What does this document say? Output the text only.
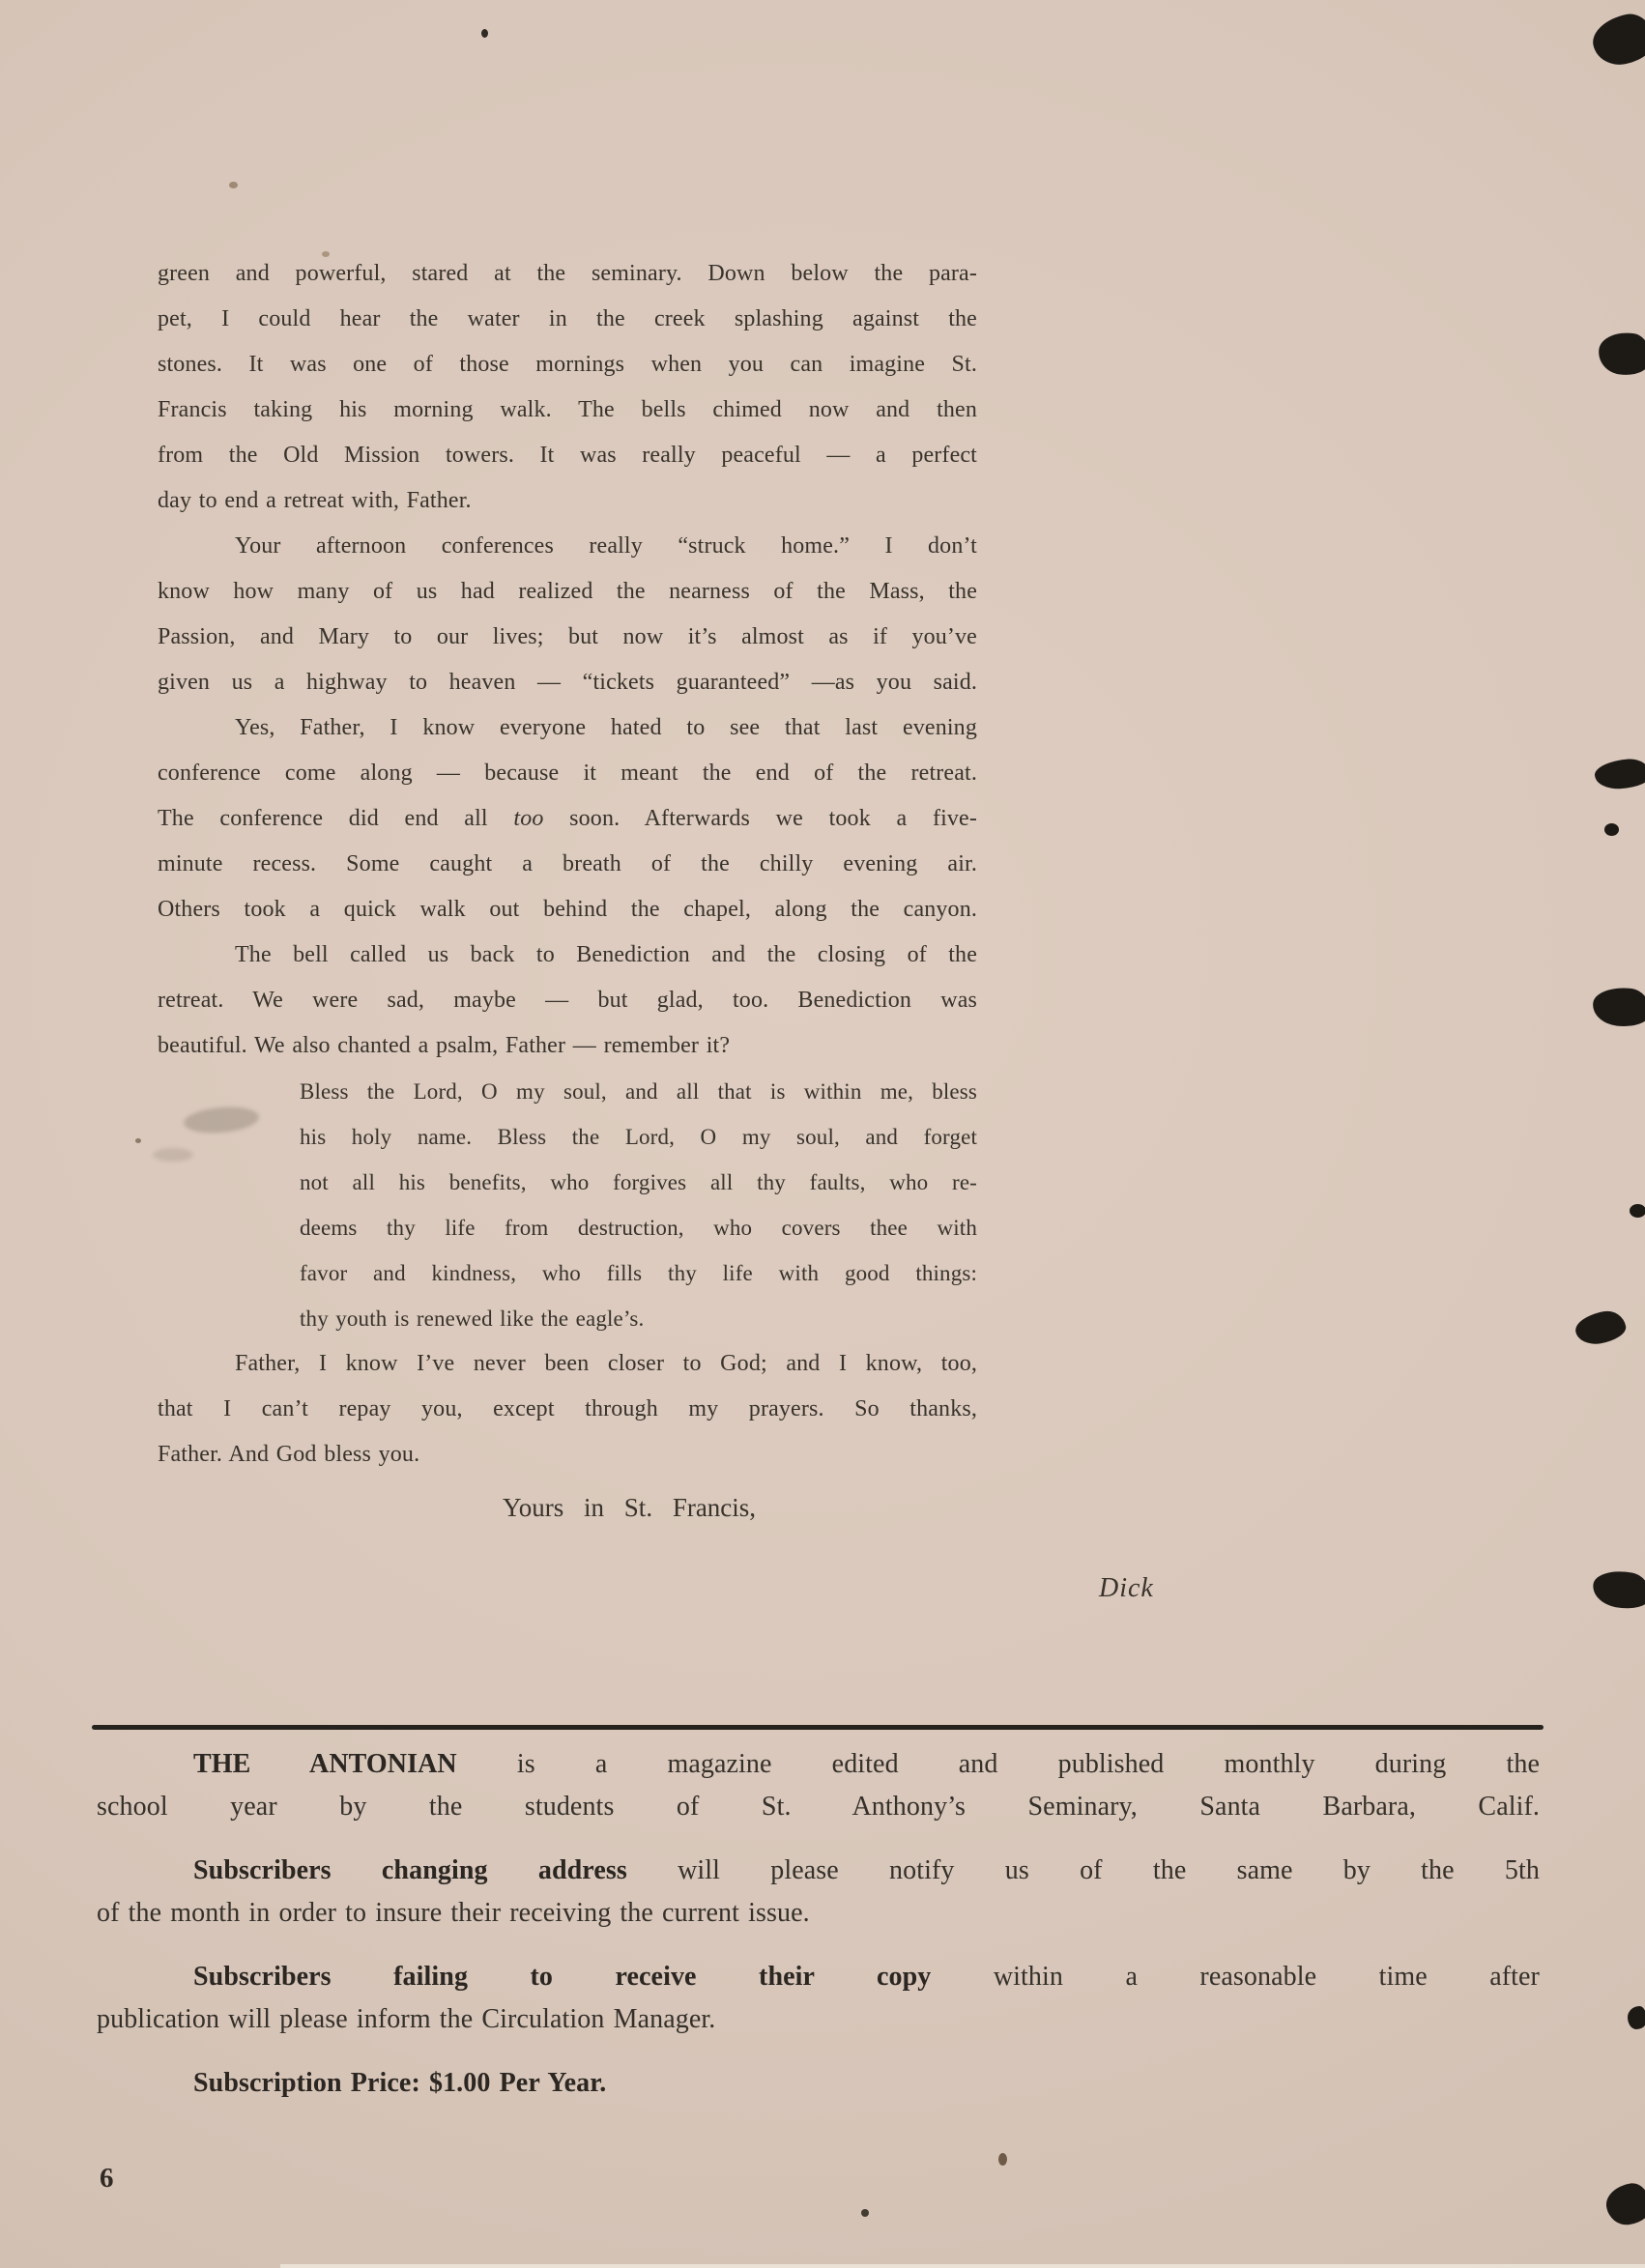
green and powerful, stared at the seminary. Down below the para-
pet, I could hear the water in the creek splashing against the
stones. It was one of those mornings when you can imagine St.
Francis taking his morning walk. The bells chimed now and then
from the Old Mission towers. It was really peaceful — a perfect
day to end a retreat with, Father.
Your afternoon conferences really “struck home.” I don’t
know how many of us had realized the nearness of the Mass, the
Passion, and Mary to our lives; but now it’s almost as if you’ve
given us a highway to heaven — “tickets guaranteed” —as you said.
Yes, Father, I know everyone hated to see that last evening
conference come along — because it meant the end of the retreat.
The conference did end all too soon. Afterwards we took a five-
minute recess. Some caught a breath of the chilly evening air.
Others took a quick walk out behind the chapel, along the canyon.
The bell called us back to Benediction and the closing of the
retreat. We were sad, maybe — but glad, too. Benediction was
beautiful. We also chanted a psalm, Father — remember it?
Bless the Lord, O my soul, and all that is within me, bless
his holy name. Bless the Lord, O my soul, and forget
not all his benefits, who forgives all thy faults, who re-
deems thy life from destruction, who covers thee with
favor and kindness, who fills thy life with good things:
thy youth is renewed like the eagle’s.
Father, I know I’ve never been closer to God; and I know, too,
that I can’t repay you, except through my prayers. So thanks,
Father. And God bless you.
Yours in St. Francis,
Dick
THE ANTONIAN is a magazine edited and published monthly during the
school year by the students of St. Anthony’s Seminary, Santa Barbara, Calif.
Subscribers changing address will please notify us of the same by the 5th
of the month in order to insure their receiving the current issue.
Subscribers failing to receive their copy within a reasonable time after
publication will please inform the Circulation Manager.
Subscription Price: $1.00 Per Year.
6
